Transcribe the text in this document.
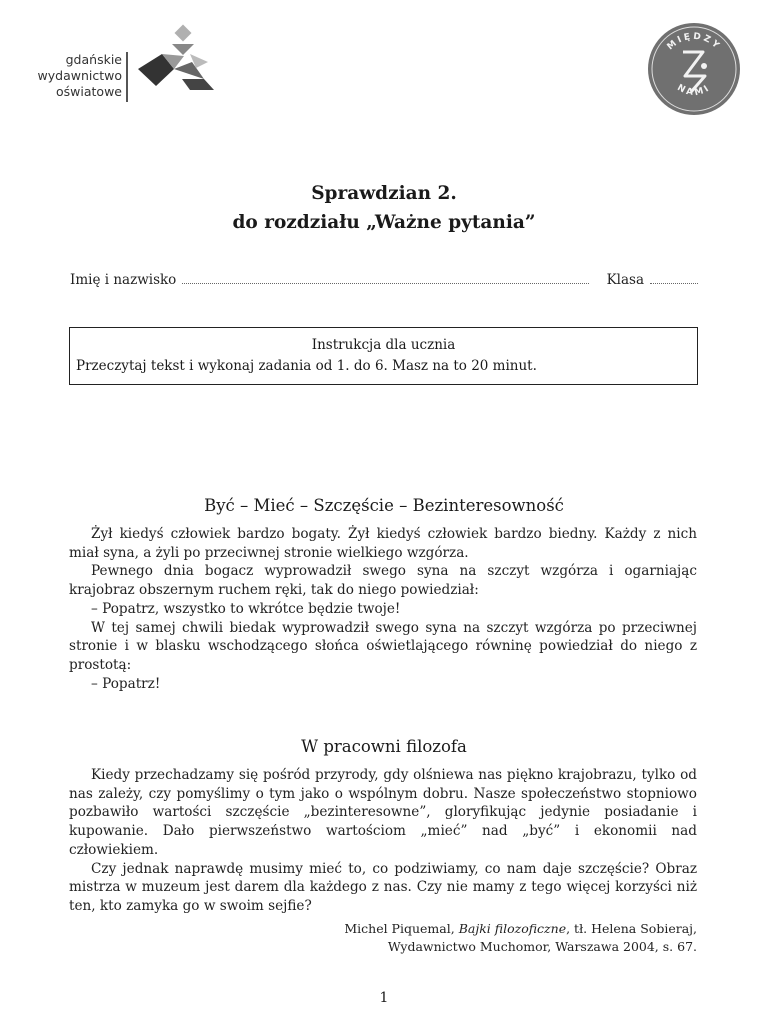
gdańskie
wydawnictwo
oświatowe
MIĘDZY
NAMI
Sprawdzian 2.
do rozdziału „Ważne pytania”
Imię i nazwisko	Klasa
Instrukcja dla ucznia
Przeczytaj tekst i wykonaj zadania od 1. do 6. Masz na to 20 minut.
Być – Mieć – Szczęście – Bezinteresowność

Żył kiedyś człowiek bardzo bogaty. Żył kiedyś człowiek bardzo biedny. Każdy z nich miał syna, a żyli po przeciwnej stronie wielkiego wzgórza.

Pewnego dnia bogacz wyprowadził swego syna na szczyt wzgórza i ogarniając krajobraz obszernym ruchem ręki, tak do niego powiedział:

– Popatrz, wszystko to wkrótce będzie twoje!

W tej samej chwili biedak wyprowadził swego syna na szczyt wzgórza po przeciwnej stronie i w blasku wschodzącego słońca oświetlającego równinę powiedział do niego z prostotą:

– Popatrz!

W pracowni filozofa

Kiedy przechadzamy się pośród przyrody, gdy olśniewa nas piękno krajobrazu, tylko od nas zależy, czy pomyślimy o tym jako o wspólnym dobru. Nasze społeczeństwo stopniowo pozbawiło wartości szczęście „bezinteresowne”, gloryfikując jedynie posiadanie i kupowanie. Dało pierwszeństwo wartościom „mieć” nad „być” i ekonomii nad człowiekiem.

Czy jednak naprawdę musimy mieć to, co podziwiamy, co nam daje szczęście? Obraz mistrza w muzeum jest darem dla każdego z nas. Czy nie mamy z tego więcej korzyści niż ten, kto zamyka go w swoim sejfie?

Michel Piquemal, Bajki filozoficzne, tł. Helena Sobieraj,
Wydawnictwo Muchomor, Warszawa 2004, s. 67.
1
